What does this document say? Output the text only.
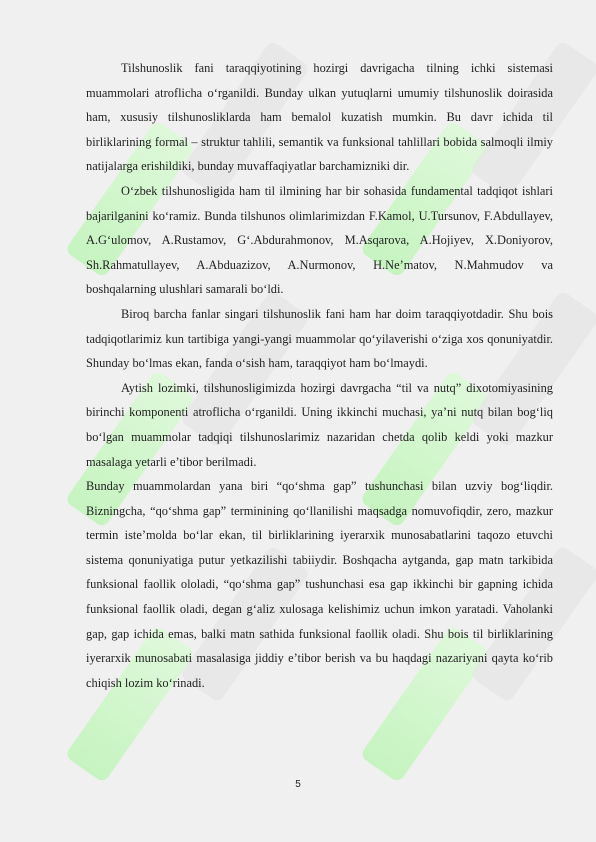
Tilshunoslik fani taraqqiyotining hozirgi davrigacha tilning ichki sistemasi muammolari atroflicha o‘rganildi. Bunday ulkan yutuqlarni umumiy tilshunoslik doirasida ham, xususiy tilshunosliklarda ham bemalol kuzatish mumkin. Bu davr ichida til birliklarining formal – struktur tahlili, semantik va funksional tahlillari bobida salmoqli ilmiy natijalarga erishildiki, bunday muvaffaqiyatlar barchamizniki dir.

O‘zbek tilshunosligida ham til ilmining har bir sohasida fundamental tadqiqot ishlari bajarilganini ko‘ramiz. Bunda tilshunos olimlarimizdan F.Kamol, U.Tursunov, F.Abdullayev, A.G‘ulomov, A.Rustamov, G‘.Abdurahmonov, M.Asqarova, A.Hojiyev, X.Doniyorov, Sh.Rahmatullayev, A.Abduazizov, A.Nurmonov, H.Ne’matov, N.Mahmudov va boshqalarning ulushlari samarali bo‘ldi.

Biroq barcha fanlar singari tilshunoslik fani ham har doim taraqqiyotdadir. Shu bois tadqiqotlarimiz kun tartibiga yangi-yangi muammolar qo‘yilaverishi o‘ziga xos qonuniyatdir. Shunday bo‘lmas ekan, fanda o‘sish ham, taraqqiyot ham bo‘lmaydi.

Aytish lozimki, tilshunosligimizda hozirgi davrgacha “til va nutq” dixotomiyasining birinchi komponenti atroflicha o‘rganildi. Uning ikkinchi muchasi, ya’ni nutq bilan bog‘liq bo‘lgan muammolar tadqiqi tilshunoslarimiz nazaridan chetda qolib keldi yoki mazkur masalaga yetarli e’tibor berilmadi.

Bunday muammolardan yana biri “qo‘shma gap” tushunchasi bilan uzviy bog‘liqdir. Bizningcha, “qo‘shma gap” terminining qo‘llanilishi maqsadga nomuvofiqdir, zero, mazkur termin iste’molda bo‘lar ekan, til birliklarining iyerarxik munosabatlarini taqozo etuvchi sistema qonuniyatiga putur yetkazilishi tabiiydir. Boshqacha aytganda, gap matn tarkibida funksional faollik ololadi, “qo‘shma gap” tushunchasi esa gap ikkinchi bir gapning ichida funksional faollik oladi, degan g‘aliz xulosaga kelishimiz uchun imkon yaratadi. Vaholanki gap, gap ichida emas, balki matn sathida funksional faollik oladi. Shu bois til birliklarining iyerarxik munosabati masalasiga jiddiy e’tibor berish va bu haqdagi nazariyani qayta ko‘rib chiqish lozim ko‘rinadi.

5
